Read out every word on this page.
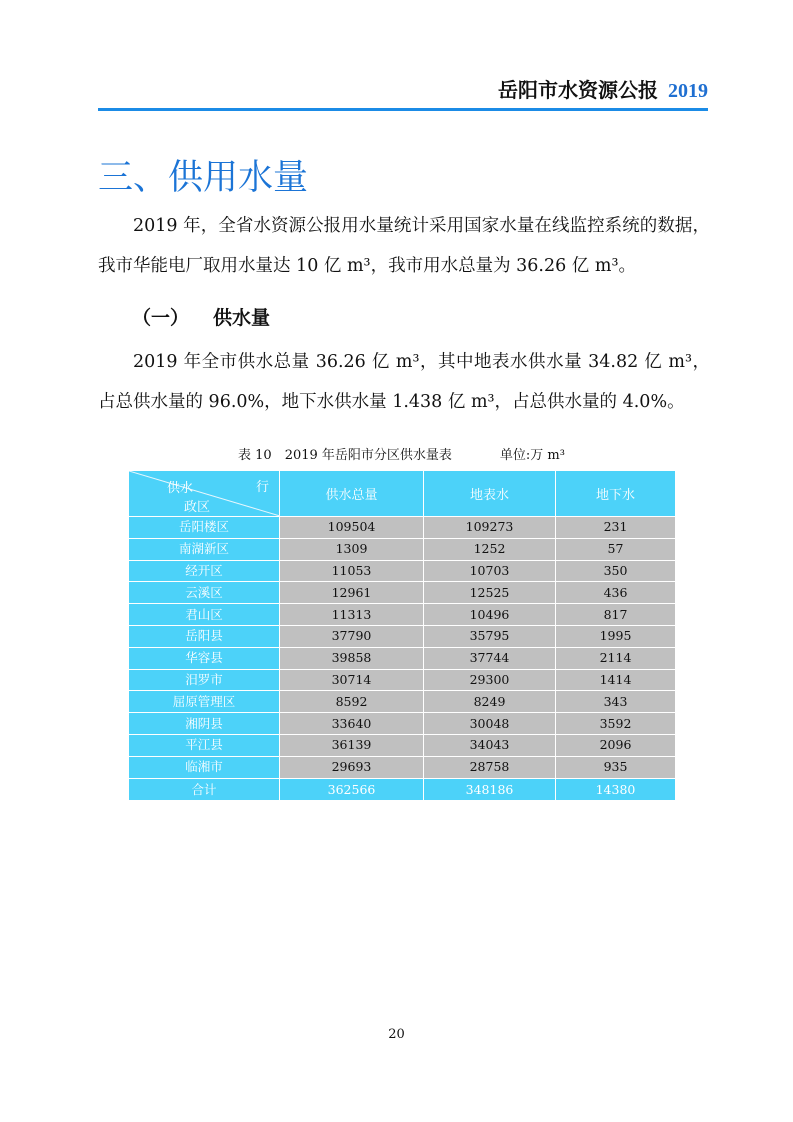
岳阳市水资源公报 2019
三、供用水量

2019 年，全省水资源公报用水量统计采用国家水量在线监控系统的数据，我市华能电厂取用水量达 10 亿 m³，我市用水总量为 36.26 亿 m³。

（一） 供水量

2019 年全市供水总量 36.26 亿 m³，其中地表水供水量 34.82 亿 m³，占总供水量的 96.0%，地下水供水量 1.438 亿 m³，占总供水量的 4.0%。

表 10　2019 年岳阳市分区供水量表	单位:万 m³
供水 行
政区	供水总量	地表水	地下水
岳阳楼区	109504	109273	231
南湖新区	1309	1252	57
经开区	11053	10703	350
云溪区	12961	12525	436
君山区	11313	10496	817
岳阳县	37790	35795	1995
华容县	39858	37744	2114
汨罗市	30714	29300	1414
屈原管理区	8592	8249	343
湘阴县	33640	30048	3592
平江县	36139	34043	2096
临湘市	29693	28758	935
合计	362566	348186	14380
20
